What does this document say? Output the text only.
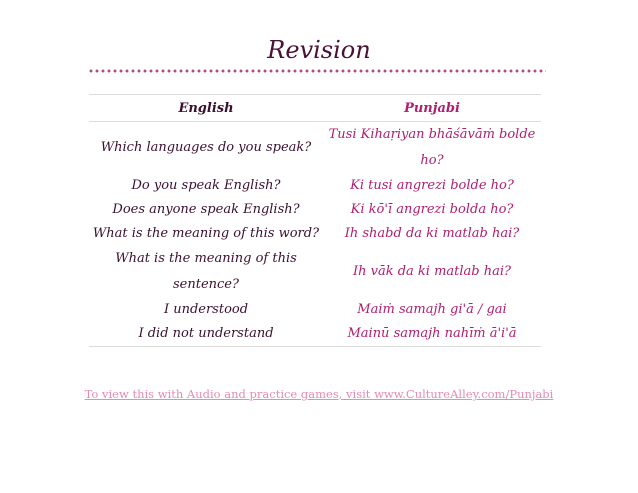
Revision
English	Punjabi
Which languages do you speak?	Tusi Kihaṛiyan bhāśāvāṁ bolde ho?
Do you speak English?	Ki tusi angrezi bolde ho?
Does anyone speak English?	Ki kō'ī angrezi bolda ho?
What is the meaning of this word?	Ih shabd da ki matlab hai?
What is the meaning of this sentence?	Ih vāk da ki matlab hai?
I understood	Maiṁ samajh gi'ā / gai
I did not understand	Mainū samajh nahīṁ ā'i'ā
To view this with Audio and practice games, visit www.CultureAlley.com/Punjabi
